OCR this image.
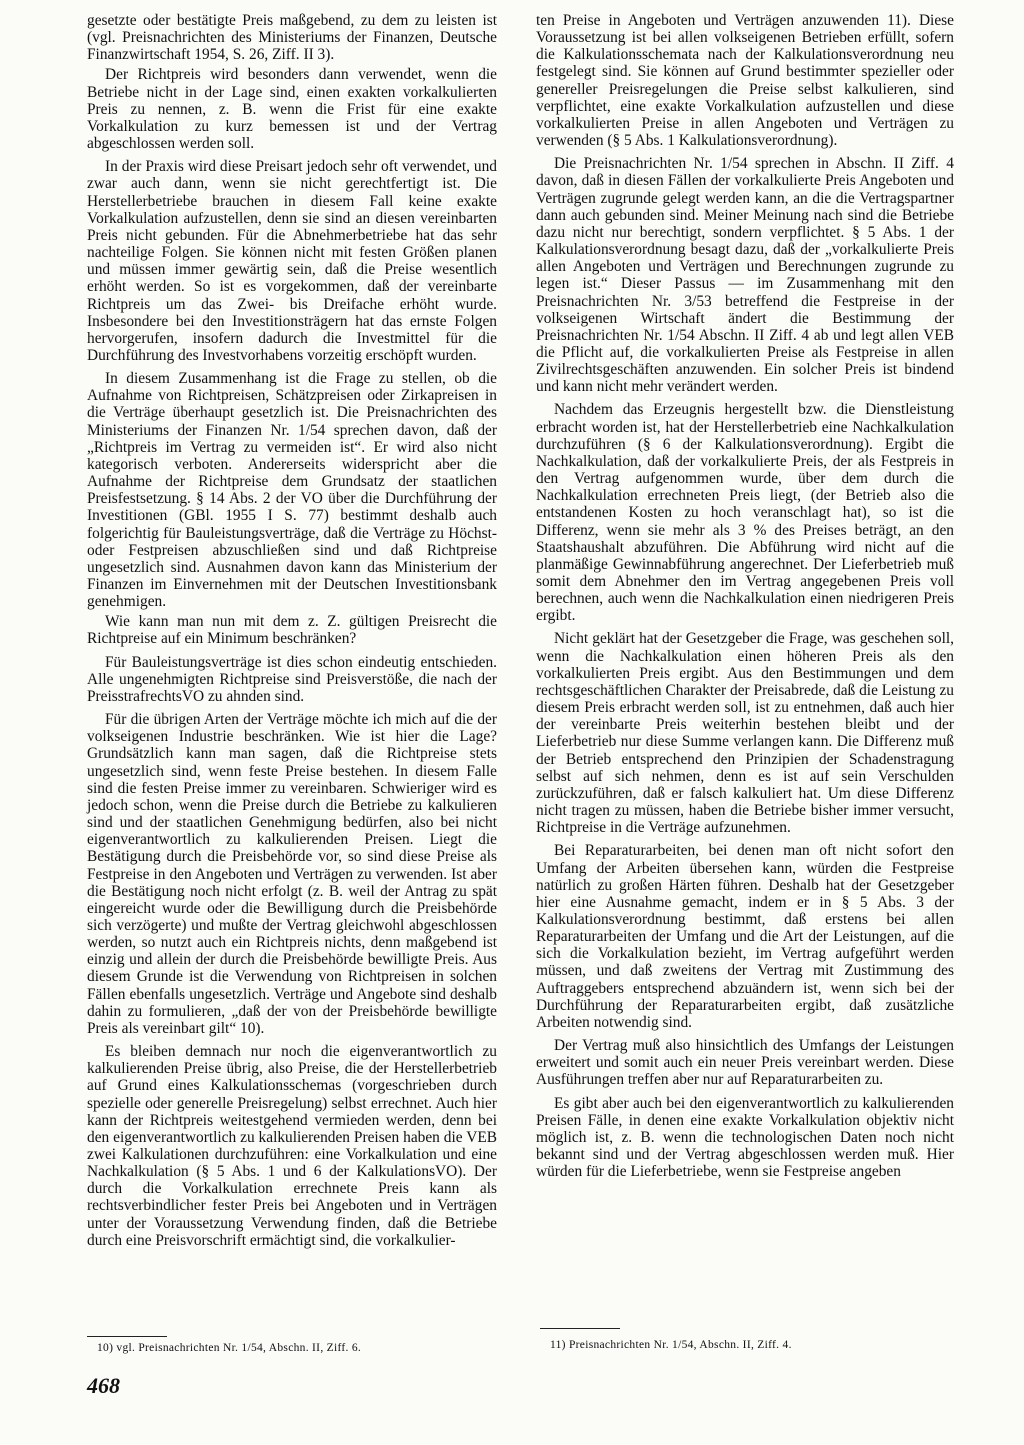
gesetzte oder bestätigte Preis maßgebend, zu dem zu leisten ist (vgl. Preisnachrichten des Ministeriums der Finanzen, Deutsche Finanzwirtschaft 1954, S. 26, Ziff. II 3).

Der Richtpreis wird besonders dann verwendet, wenn die Betriebe nicht in der Lage sind, einen exakten vorkalkulierten Preis zu nennen, z. B. wenn die Frist für eine exakte Vorkalkulation zu kurz bemessen ist und der Vertrag abgeschlossen werden soll.

In der Praxis wird diese Preisart jedoch sehr oft verwendet, und zwar auch dann, wenn sie nicht gerechtfertigt ist. Die Herstellerbetriebe brauchen in diesem Fall keine exakte Vorkalkulation aufzustellen, denn sie sind an diesen vereinbarten Preis nicht gebunden. Für die Abnehmerbetriebe hat das sehr nachteilige Folgen. Sie können nicht mit festen Größen planen und müssen immer gewärtig sein, daß die Preise wesentlich erhöht werden. So ist es vorgekommen, daß der vereinbarte Richtpreis um das Zwei- bis Dreifache erhöht wurde. Insbesondere bei den Investitionsträgern hat das ernste Folgen hervorgerufen, insofern dadurch die Investmittel für die Durchführung des Investvorhabens vorzeitig erschöpft wurden.

In diesem Zusammenhang ist die Frage zu stellen, ob die Aufnahme von Richtpreisen, Schätzpreisen oder Zirkapreisen in die Verträge überhaupt gesetzlich ist. Die Preisnachrichten des Ministeriums der Finanzen Nr. 1/54 sprechen davon, daß der „Richtpreis im Vertrag zu vermeiden ist“. Er wird also nicht kategorisch verboten. Andererseits widerspricht aber die Aufnahme der Richtpreise dem Grundsatz der staatlichen Preisfestsetzung. § 14 Abs. 2 der VO über die Durchführung der Investitionen (GBl. 1955 I S. 77) bestimmt deshalb auch folgerichtig für Bauleistungsverträge, daß die Verträge zu Höchst- oder Festpreisen abzuschließen sind und daß Richtpreise ungesetzlich sind. Ausnahmen davon kann das Ministerium der Finanzen im Einvernehmen mit der Deutschen Investitionsbank genehmigen.

Wie kann man nun mit dem z. Z. gültigen Preisrecht die Richtpreise auf ein Minimum beschränken?

Für Bauleistungsverträge ist dies schon eindeutig entschieden. Alle ungenehmigten Richtpreise sind Preisverstöße, die nach der PreisstrafrechtsVO zu ahnden sind.

Für die übrigen Arten der Verträge möchte ich mich auf die der volkseigenen Industrie beschränken. Wie ist hier die Lage? Grundsätzlich kann man sagen, daß die Richtpreise stets ungesetzlich sind, wenn feste Preise bestehen. In diesem Falle sind die festen Preise immer zu vereinbaren. Schwieriger wird es jedoch schon, wenn die Preise durch die Betriebe zu kalkulieren sind und der staatlichen Genehmigung bedürfen, also bei nicht eigenverantwortlich zu kalkulierenden Preisen. Liegt die Bestätigung durch die Preisbehörde vor, so sind diese Preise als Festpreise in den Angeboten und Verträgen zu verwenden. Ist aber die Bestätigung noch nicht erfolgt (z. B. weil der Antrag zu spät eingereicht wurde oder die Bewilligung durch die Preisbehörde sich verzögerte) und mußte der Vertrag gleichwohl abgeschlossen werden, so nutzt auch ein Richtpreis nichts, denn maßgebend ist einzig und allein der durch die Preisbehörde bewilligte Preis. Aus diesem Grunde ist die Verwendung von Richtpreisen in solchen Fällen ebenfalls ungesetzlich. Verträge und Angebote sind deshalb dahin zu formulieren, „daß der von der Preisbehörde bewilligte Preis als vereinbart gilt“ 10).

Es bleiben demnach nur noch die eigenverantwortlich zu kalkulierenden Preise übrig, also Preise, die der Herstellerbetrieb auf Grund eines Kalkulationsschemas (vorgeschrieben durch spezielle oder generelle Preisregelung) selbst errechnet. Auch hier kann der Richtpreis weitestgehend vermieden werden, denn bei den eigenverantwortlich zu kalkulierenden Preisen haben die VEB zwei Kalkulationen durchzuführen: eine Vorkalkulation und eine Nachkalkulation (§ 5 Abs. 1 und 6 der KalkulationsVO). Der durch die Vorkalkulation errechnete Preis kann als rechtsverbindlicher fester Preis bei Angeboten und in Verträgen unter der Voraussetzung Verwendung finden, daß die Betriebe durch eine Preisvorschrift ermächtigt sind, die vorkalkulier-

ten Preise in Angeboten und Verträgen anzuwenden 11). Diese Voraussetzung ist bei allen volkseigenen Betrieben erfüllt, sofern die Kalkulationsschemata nach der Kalkulationsverordnung neu festgelegt sind. Sie können auf Grund bestimmter spezieller oder genereller Preisregelungen die Preise selbst kalkulieren, sind verpflichtet, eine exakte Vorkalkulation aufzustellen und diese vorkalkulierten Preise in allen Angeboten und Verträgen zu verwenden (§ 5 Abs. 1 Kalkulationsverordnung).

Die Preisnachrichten Nr. 1/54 sprechen in Abschn. II Ziff. 4 davon, daß in diesen Fällen der vorkalkulierte Preis Angeboten und Verträgen zugrunde gelegt werden kann, an die die Vertragspartner dann auch gebunden sind. Meiner Meinung nach sind die Betriebe dazu nicht nur berechtigt, sondern verpflichtet. § 5 Abs. 1 der Kalkulationsverordnung besagt dazu, daß der „vorkalkulierte Preis allen Angeboten und Verträgen und Berechnungen zugrunde zu legen ist.“ Dieser Passus — im Zusammenhang mit den Preisnachrichten Nr. 3/53 betreffend die Festpreise in der volkseigenen Wirtschaft ändert die Bestimmung der Preisnachrichten Nr. 1/54 Abschn. II Ziff. 4 ab und legt allen VEB die Pflicht auf, die vorkalkulierten Preise als Festpreise in allen Zivilrechtsgeschäften anzuwenden. Ein solcher Preis ist bindend und kann nicht mehr verändert werden.

Nachdem das Erzeugnis hergestellt bzw. die Dienstleistung erbracht worden ist, hat der Herstellerbetrieb eine Nachkalkulation durchzuführen (§ 6 der Kalkulationsverordnung). Ergibt die Nachkalkulation, daß der vorkalkulierte Preis, der als Festpreis in den Vertrag aufgenommen wurde, über dem durch die Nachkalkulation errechneten Preis liegt, (der Betrieb also die entstandenen Kosten zu hoch veranschlagt hat), so ist die Differenz, wenn sie mehr als 3 % des Preises beträgt, an den Staatshaushalt abzuführen. Die Abführung wird nicht auf die planmäßige Gewinnabführung angerechnet. Der Lieferbetrieb muß somit dem Abnehmer den im Vertrag angegebenen Preis voll berechnen, auch wenn die Nachkalkulation einen niedrigeren Preis ergibt.

Nicht geklärt hat der Gesetzgeber die Frage, was geschehen soll, wenn die Nachkalkulation einen höheren Preis als den vorkalkulierten Preis ergibt. Aus den Bestimmungen und dem rechtsgeschäftlichen Charakter der Preisabrede, daß die Leistung zu diesem Preis erbracht werden soll, ist zu entnehmen, daß auch hier der vereinbarte Preis weiterhin bestehen bleibt und der Lieferbetrieb nur diese Summe verlangen kann. Die Differenz muß der Betrieb entsprechend den Prinzipien der Schadenstragung selbst auf sich nehmen, denn es ist auf sein Verschulden zurückzuführen, daß er falsch kalkuliert hat. Um diese Differenz nicht tragen zu müssen, haben die Betriebe bisher immer versucht, Richtpreise in die Verträge aufzunehmen.

Bei Reparaturarbeiten, bei denen man oft nicht sofort den Umfang der Arbeiten übersehen kann, würden die Festpreise natürlich zu großen Härten führen. Deshalb hat der Gesetzgeber hier eine Ausnahme gemacht, indem er in § 5 Abs. 3 der Kalkulationsverordnung bestimmt, daß erstens bei allen Reparaturarbeiten der Umfang und die Art der Leistungen, auf die sich die Vorkalkulation bezieht, im Vertrag aufgeführt werden müssen, und daß zweitens der Vertrag mit Zustimmung des Auftraggebers entsprechend abzuändern ist, wenn sich bei der Durchführung der Reparaturarbeiten ergibt, daß zusätzliche Arbeiten notwendig sind.

Der Vertrag muß also hinsichtlich des Umfangs der Leistungen erweitert und somit auch ein neuer Preis vereinbart werden. Diese Ausführungen treffen aber nur auf Reparaturarbeiten zu.

Es gibt aber auch bei den eigenverantwortlich zu kalkulierenden Preisen Fälle, in denen eine exakte Vorkalkulation objektiv nicht möglich ist, z. B. wenn die technologischen Daten noch nicht bekannt sind und der Vertrag abgeschlossen werden muß. Hier würden für die Lieferbetriebe, wenn sie Festpreise angeben

10) vgl. Preisnachrichten Nr. 1/54, Abschn. II, Ziff. 6.	11) Preisnachrichten Nr. 1/54, Abschn. II, Ziff. 4.
468
